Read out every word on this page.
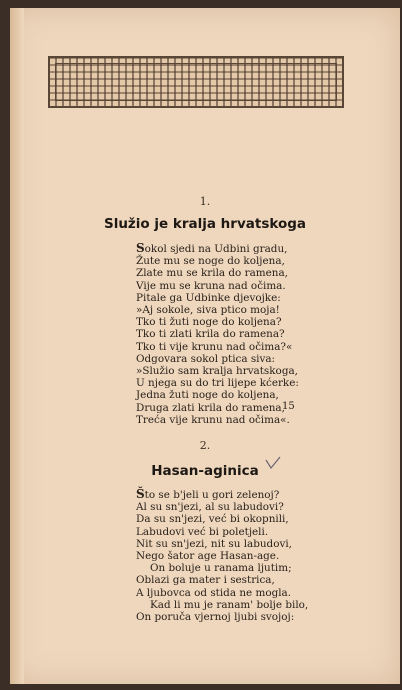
1.
Služio je kralja hrvatskoga
Sokol sjedi na Udbini gradu,
Žute mu se noge do koljena,
Zlate mu se krila do ramena,
Vije mu se kruna nad očima.
Pitale ga Udbinke djevojke:
»Aj sokole, siva ptico moja!
Tko ti žuti noge do koljena?
Tko ti zlati krila do ramena?
Tko ti vije krunu nad očima?«
Odgovara sokol ptica siva:
»Služio sam kralja hrvatskoga,
U njega su do tri lijepe kćerke:
Jedna žuti noge do koljena,
Druga zlati krila do ramena,
Treća vije krunu nad očima«.
15
2.
Hasan-aginica
Što se b'jeli u gori zelenoj?
Al su sn'jezi, al su labudovi?
Da su sn'jezi, već bi okopnili,
Labudovi već bi poletjeli.
Nit su sn'jezi, nit su labudovi,
Nego šator age Hasan-age.
On boluje u ranama ljutim;
Oblazi ga mater i sestrica,
A ljubovca od stida ne mogla.
Kad li mu je ranam' bolje bilo,
On poruča vjernoj ljubi svojoj:
